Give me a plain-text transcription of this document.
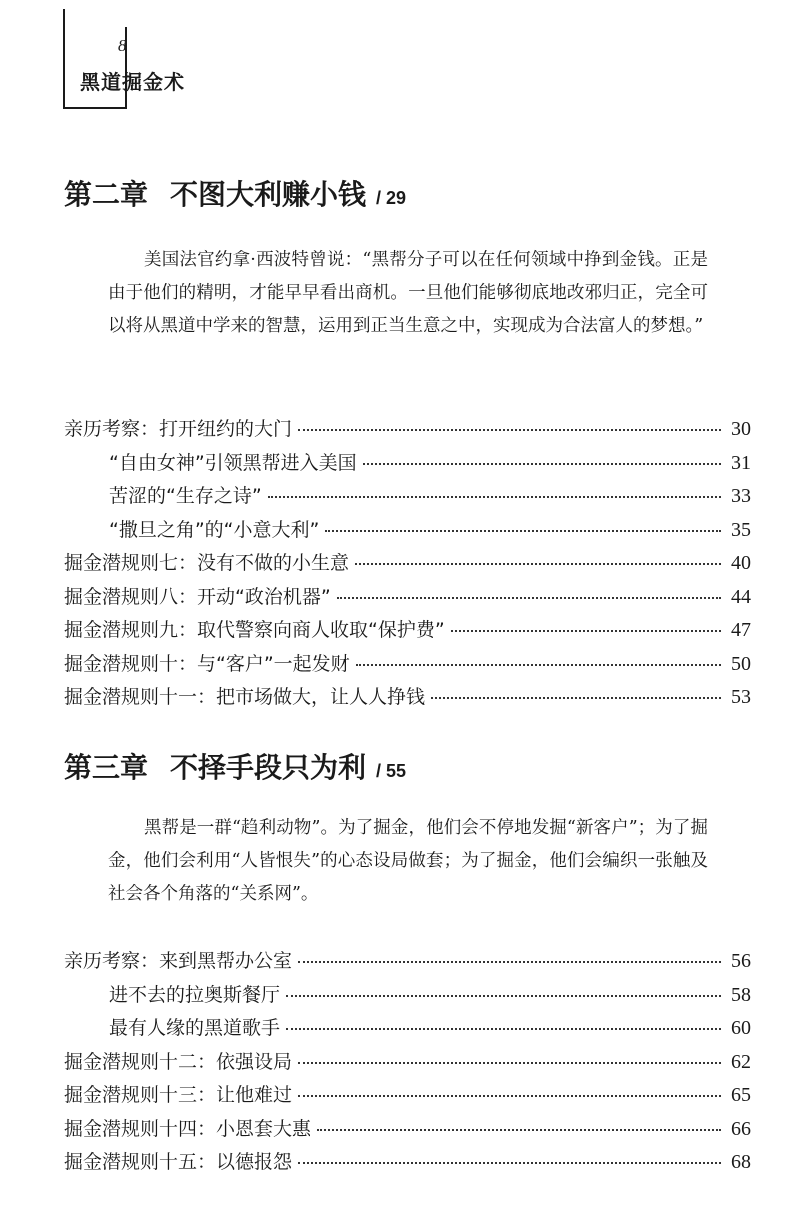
8
黑道掘金术
第二章 不图大利赚小钱 / 29
美国法官约拿·西波特曾说：“黑帮分子可以在任何领域中挣到金钱。正是由于他们的精明，才能早早看出商机。一旦他们能够彻底地改邪归正，完全可以将从黑道中学来的智慧，运用到正当生意之中，实现成为合法富人的梦想。”
亲历考察：打开纽约的大门	30
“自由女神”引领黑帮进入美国	31
苦涩的“生存之诗”	33
“撒旦之角”的“小意大利”	35
掘金潜规则七：没有不做的小生意	40
掘金潜规则八：开动“政治机器”	44
掘金潜规则九：取代警察向商人收取“保护费”	47
掘金潜规则十：与“客户”一起发财	50
掘金潜规则十一：把市场做大，让人人挣钱	53
第三章 不择手段只为利 / 55
黑帮是一群“趋利动物”。为了掘金，他们会不停地发掘“新客户”；为了掘金，他们会利用“人皆恨失”的心态设局做套；为了掘金，他们会编织一张触及社会各个角落的“关系网”。
亲历考察：来到黑帮办公室	56
进不去的拉奥斯餐厅	58
最有人缘的黑道歌手	60
掘金潜规则十二：依强设局	62
掘金潜规则十三：让他难过	65
掘金潜规则十四：小恩套大惠	66
掘金潜规则十五：以德报怨	68
